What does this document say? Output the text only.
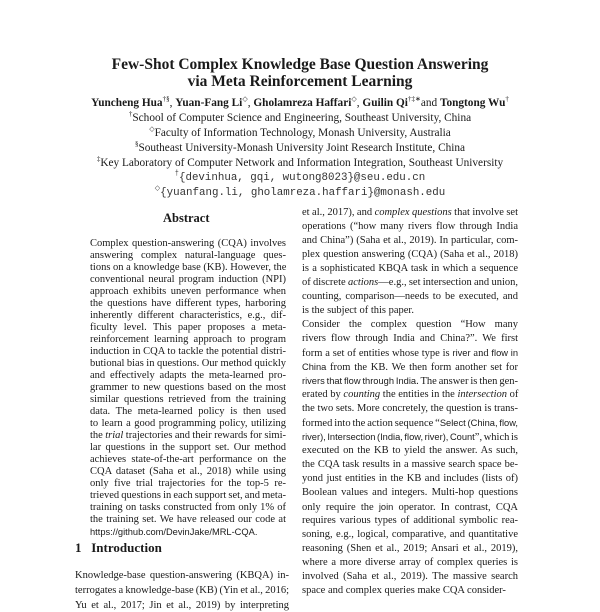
Few-Shot Complex Knowledge Base Question Answering
via Meta Reinforcement Learning
Yuncheng Hua†§, Yuan-Fang Li◇, Gholamreza Haffari◇, Guilin Qi†‡∗and Tongtong Wu†
†School of Computer Science and Engineering, Southeast University, China
◇Faculty of Information Technology, Monash University, Australia
§Southeast University-Monash University Joint Research Institute, China
‡Key Laboratory of Computer Network and Information Integration, Southeast University
†{devinhua, gqi, wutong8023}@seu.edu.cn
◇{yuanfang.li, gholamreza.haffari}@monash.edu
Abstract
Complex question-answering (CQA) involves
answering complex natural-language ques-
tions on a knowledge base (KB). However, the
conventional neural program induction (NPI)
approach exhibits uneven performance when
the questions have different types, harboring
inherently different characteristics, e.g., dif-
ficulty level. This paper proposes a meta-
reinforcement learning approach to program
induction in CQA to tackle the potential distri-
butional bias in questions. Our method quickly
and effectively adapts the meta-learned pro-
grammer to new questions based on the most
similar questions retrieved from the training
data. The meta-learned policy is then used
to learn a good programming policy, utilizing
the trial trajectories and their rewards for simi-
lar questions in the support set. Our method
achieves state-of-the-art performance on the
CQA dataset (Saha et al., 2018) while using
only five trial trajectories for the top-5 re-
trieved questions in each support set, and meta-
training on tasks constructed from only 1% of
the training set. We have released our code at
https://github.com/DevinJake/MRL-CQA.
1 Introduction
Knowledge-base question-answering (KBQA) in-
terrogates a knowledge-base (KB) (Yin et al., 2016;
Yu et al., 2017; Jin et al., 2019) by interpreting
et al., 2017), and complex questions that involve set
operations (“how many rivers flow through India
and China”) (Saha et al., 2019). In particular, com-
plex question answering (CQA) (Saha et al., 2018)
is a sophisticated KBQA task in which a sequence
of discrete actions—e.g., set intersection and union,
counting, comparison—needs to be executed, and
is the subject of this paper.
Consider the complex question “How many
rivers flow through India and China?”. We first
form a set of entities whose type is river and flow in
China from the KB. We then form another set for
rivers that flow through India. The answer is then gen-
erated by counting the entities in the intersection of
the two sets. More concretely, the question is trans-
formed into the action sequence “Select (China, flow,
river), Intersection (India, flow, river), Count”, which is
executed on the KB to yield the answer. As such,
the CQA task results in a massive search space be-
yond just entities in the KB and includes (lists of)
Boolean values and integers. Multi-hop questions
only require the join operator. In contrast, CQA
requires various types of additional symbolic rea-
soning, e.g., logical, comparative, and quantitative
reasoning (Shen et al., 2019; Ansari et al., 2019),
where a more diverse array of complex queries is
involved (Saha et al., 2019). The massive search
space and complex queries make CQA consider-
